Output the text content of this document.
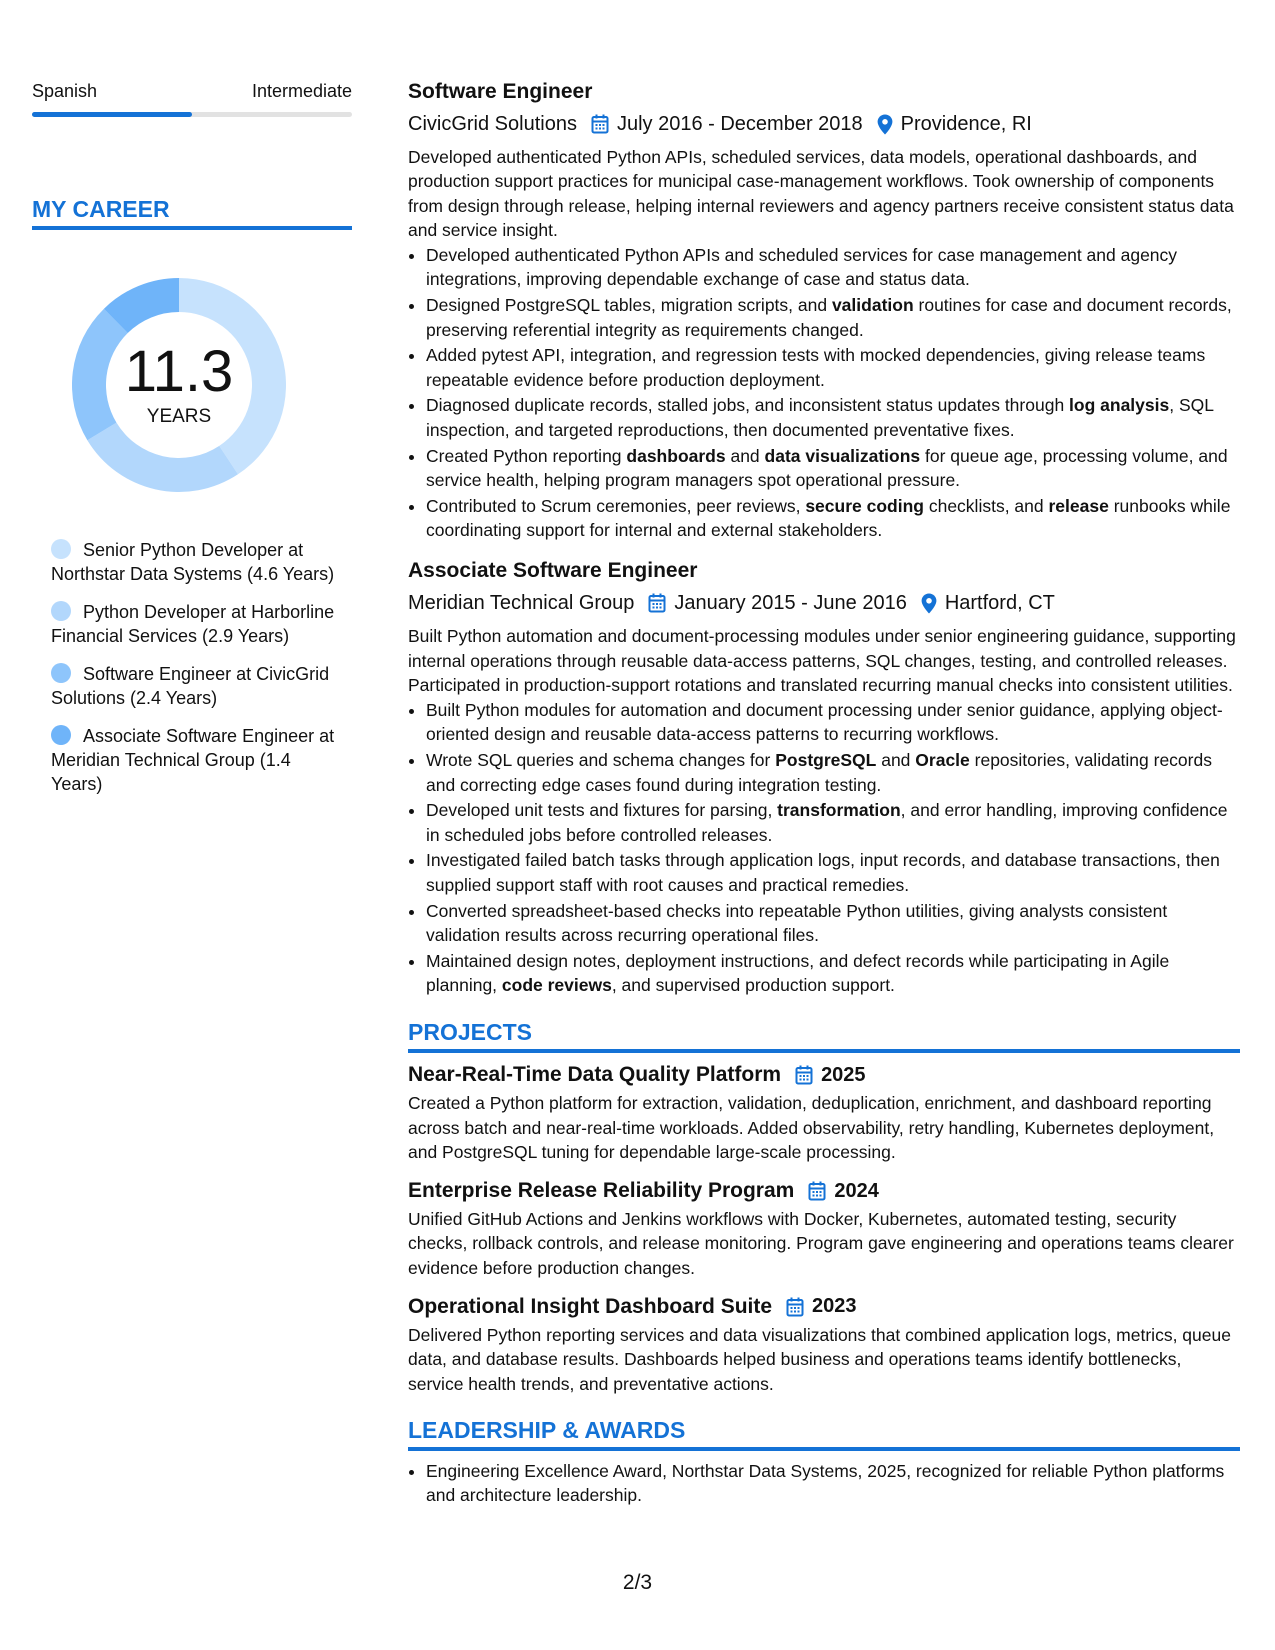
Spanish	Intermediate
MY CAREER
11.3
YEARS
Senior Python Developer at Northstar Data Systems (4.6 Years)
Python Developer at Harborline Financial Services (2.9 Years)
Software Engineer at CivicGrid Solutions (2.4 Years)
Associate Software Engineer at Meridian Technical Group (1.4 Years)
Software Engineer
CivicGrid Solutions July 2016 - December 2018 Providence, RI

Developed authenticated Python APIs, scheduled services, data models, operational dashboards, and production support practices for municipal case-management workflows. Took ownership of components from design through release, helping internal reviewers and agency partners receive consistent status data and service insight.

• Developed authenticated Python APIs and scheduled services for case management and agency integrations, improving dependable exchange of case and status data.
• Designed PostgreSQL tables, migration scripts, and validation routines for case and document records, preserving referential integrity as requirements changed.
• Added pytest API, integration, and regression tests with mocked dependencies, giving release teams repeatable evidence before production deployment.
• Diagnosed duplicate records, stalled jobs, and inconsistent status updates through log analysis, SQL inspection, and targeted reproductions, then documented preventative fixes.
• Created Python reporting dashboards and data visualizations for queue age, processing volume, and service health, helping program managers spot operational pressure.
• Contributed to Scrum ceremonies, peer reviews, secure coding checklists, and release runbooks while coordinating support for internal and external stakeholders.
Associate Software Engineer
Meridian Technical Group January 2015 - June 2016 Hartford, CT

Built Python automation and document-processing modules under senior engineering guidance, supporting internal operations through reusable data-access patterns, SQL changes, testing, and controlled releases. Participated in production-support rotations and translated recurring manual checks into consistent utilities.

• Built Python modules for automation and document processing under senior guidance, applying object-oriented design and reusable data-access patterns to recurring workflows.
• Wrote SQL queries and schema changes for PostgreSQL and Oracle repositories, validating records and correcting edge cases found during integration testing.
• Developed unit tests and fixtures for parsing, transformation, and error handling, improving confidence in scheduled jobs before controlled releases.
• Investigated failed batch tasks through application logs, input records, and database transactions, then supplied support staff with root causes and practical remedies.
• Converted spreadsheet-based checks into repeatable Python utilities, giving analysts consistent validation results across recurring operational files.
• Maintained design notes, deployment instructions, and defect records while participating in Agile planning, code reviews, and supervised production support.
PROJECTS
Near-Real-Time Data Quality Platform 2025

Created a Python platform for extraction, validation, deduplication, enrichment, and dashboard reporting across batch and near-real-time workloads. Added observability, retry handling, Kubernetes deployment, and PostgreSQL tuning for dependable large-scale processing.

Enterprise Release Reliability Program 2024

Unified GitHub Actions and Jenkins workflows with Docker, Kubernetes, automated testing, security checks, rollback controls, and release monitoring. Program gave engineering and operations teams clearer evidence before production changes.

Operational Insight Dashboard Suite 2023

Delivered Python reporting services and data visualizations that combined application logs, metrics, queue data, and database results. Dashboards helped business and operations teams identify bottlenecks, service health trends, and preventative actions.

LEADERSHIP & AWARDS
• Engineering Excellence Award, Northstar Data Systems, 2025, recognized for reliable Python platforms and architecture leadership.
2/3
